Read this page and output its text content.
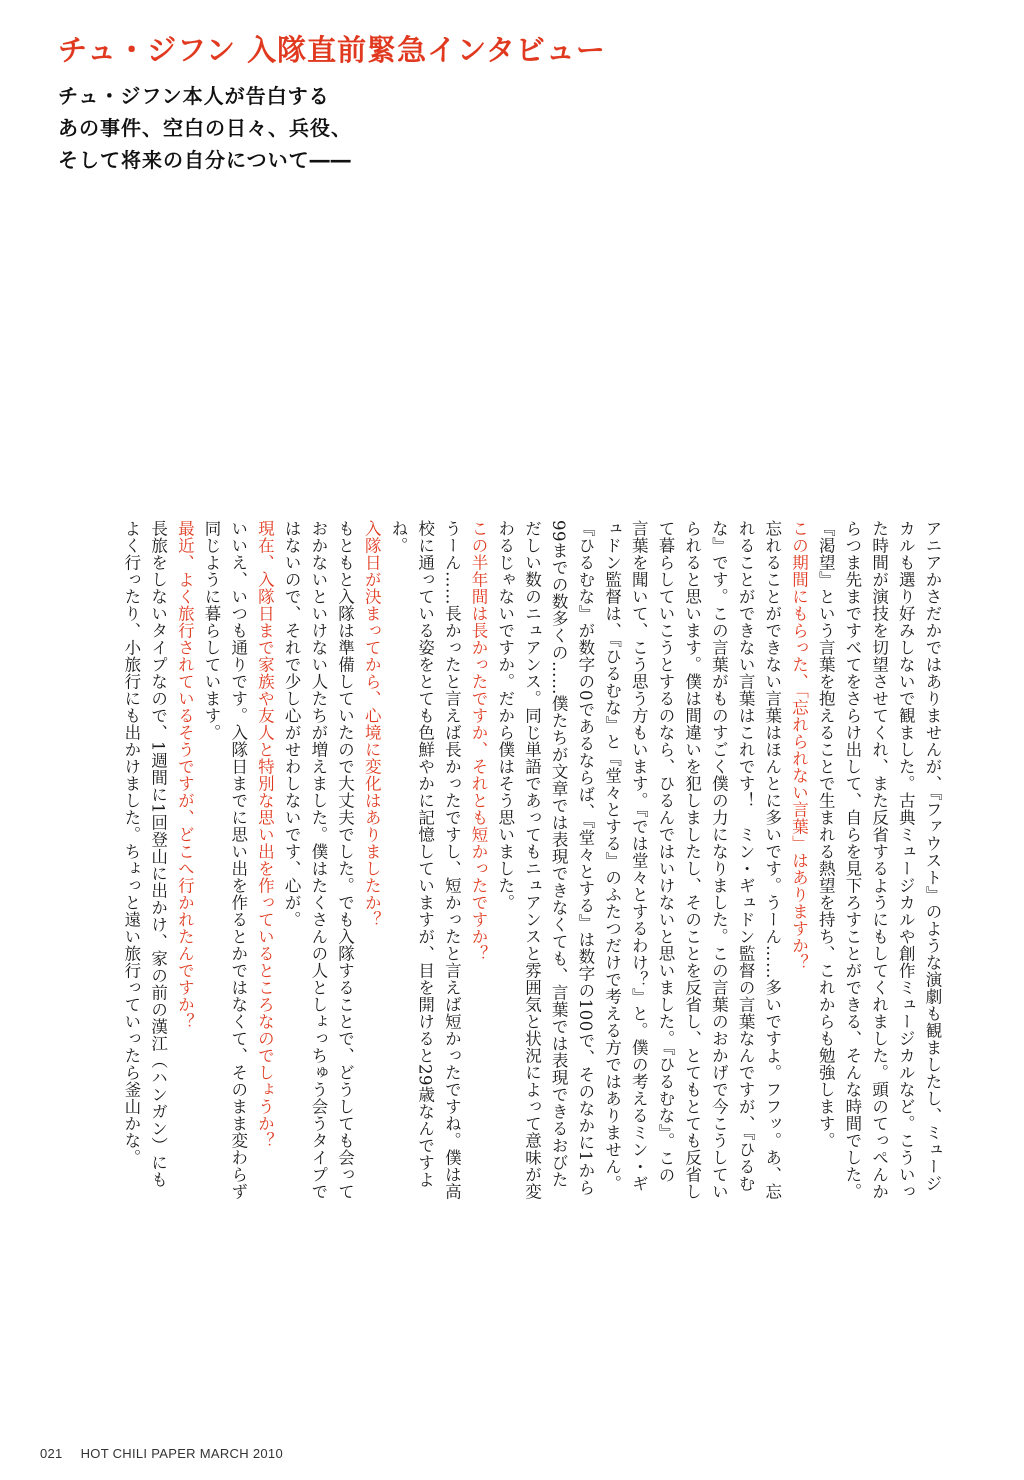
チュ・ジフン 入隊直前緊急インタビュー
チュ・ジフン本人が告白する
あの事件、空白の日々、兵役、
そして将来の自分について――

アニアかさだかではありませんが、『ファウスト』のような演劇も観ましたし、ミュージカルも選り好みしないで観ました。古典ミュージカルや創作ミュージカルなど。こういった時間が演技を切望させてくれ、また反省するようにもしてくれました。頭のてっぺんからつま先まですべてをさらけ出して、自らを見下ろすことができる、そんな時間でした。『渇望』という言葉を抱えることで生まれる熱望を持ち、これからも勉強します。

この期間にもらった、「忘れられない言葉」はありますか？

忘れることができない言葉はほんとに多いです。うーん……多いですよ。フフッ。あ、忘れることができない言葉はこれです！　ミン・ギュドン監督の言葉なんですが、『ひるむな』です。この言葉がものすごく僕の力になりました。この言葉のおかげで今こうしていられると思います。僕は間違いを犯しましたし、そのことを反省し、とてもとても反省して暮らしていこうとするのなら、ひるんではいけないと思いました。『ひるむな』。この言葉を聞いて、こう思う方もいます。『では堂々とするわけ？』と。僕の考えるミン・ギュドン監督は、『ひるむな』と『堂々とする』のふたつだけで考える方ではありません。『ひるむな』が数字の0であるならば、『堂々とする』は数字の100で、そのなかに1から99までの数多くの……僕たちが文章では表現できなくても、言葉では表現できるおびただしい数のニュアンス。同じ単語であってもニュアンスと雰囲気と状況によって意味が変わるじゃないですか。だから僕はそう思いました。

この半年間は長かったですか、それとも短かったですか？

うーん……長かったと言えば長かったですし、短かったと言えば短かったですね。僕は高校に通っている姿をとても色鮮やかに記憶していますが、目を開けると29歳なんですよね。

入隊日が決まってから、心境に変化はありましたか？

もともと入隊は準備していたので大丈夫でした。でも入隊することで、どうしても会っておかないといけない人たちが増えました。僕はたくさんの人としょっちゅう会うタイプではないので、それで少し心がせわしないです、心が。

現在、入隊日まで家族や友人と特別な思い出を作っているところなのでしょうか？

いいえ、いつも通りです。入隊日までに思い出を作るとかではなくて、そのまま変わらず同じように暮らしています。

最近、よく旅行されているそうですが、どこへ行かれたんですか？

長旅をしないタイプなので、1週間に1回登山に出かけ、家の前の漢江（ハンガン）にもよく行ったり、小旅行にも出かけました。ちょっと遠い旅行っていったら釜山かな。

021 HOT CHILI PAPER MARCH 2010
